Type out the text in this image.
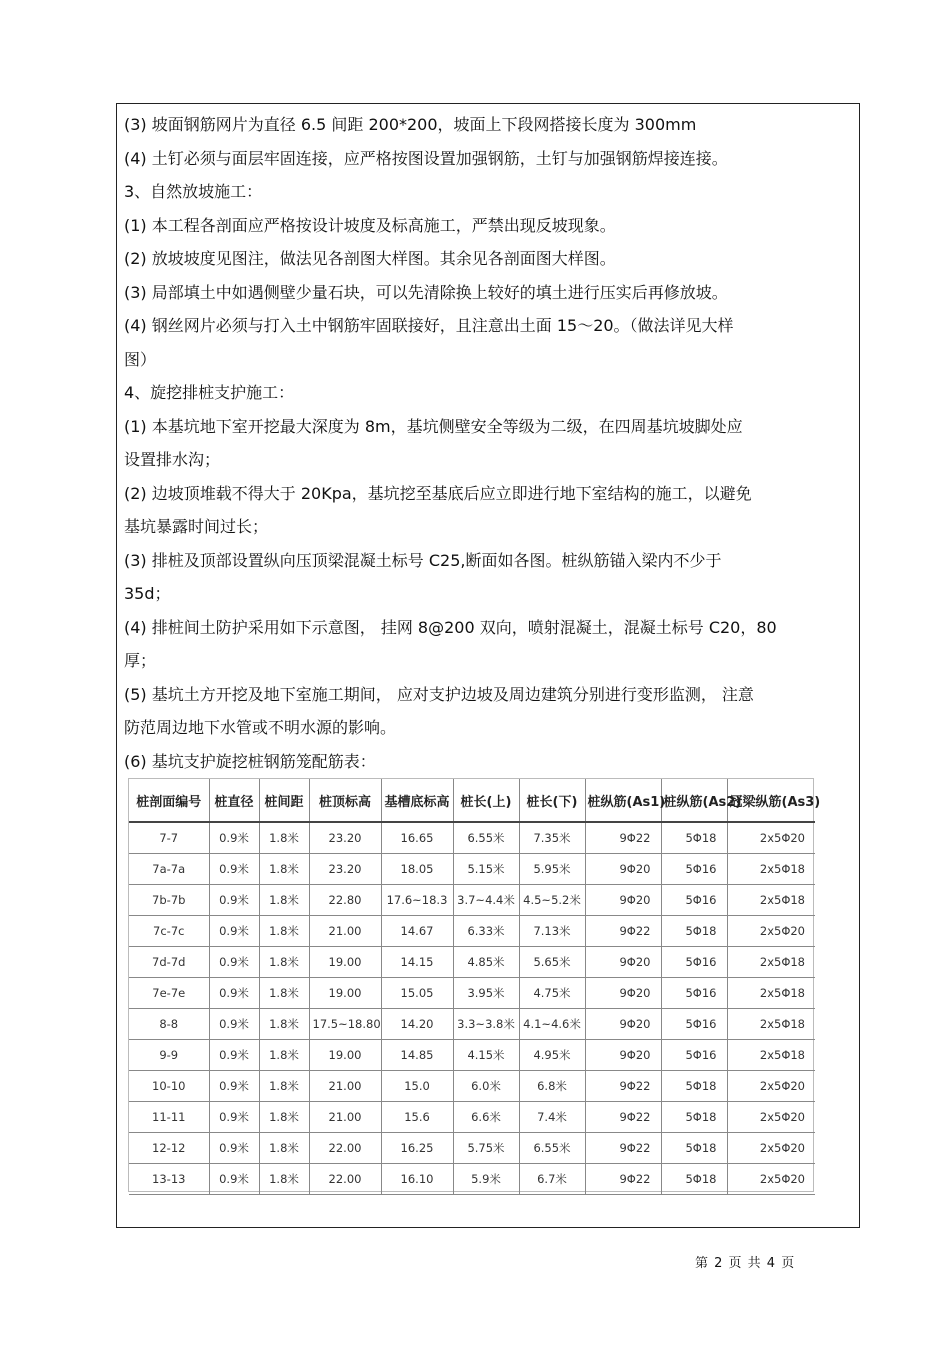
(3) 坡面钢筋网片为直径 6.5 间距 200*200，坡面上下段网搭接长度为 300mm
(4) 土钉必须与面层牢固连接，应严格按图设置加强钢筋，土钉与加强钢筋焊接连接。
3、自然放坡施工：
(1) 本工程各剖面应严格按设计坡度及标高施工，严禁出现反坡现象。
(2) 放坡坡度见图注，做法见各剖图大样图。其余见各剖面图大样图。
(3) 局部填土中如遇侧壁少量石块，可以先清除换上较好的填土进行压实后再修放坡。
(4) 钢丝网片必须与打入土中钢筋牢固联接好，且注意出土面 15～20。（做法详见大样
图）
4、旋挖排桩支护施工：
(1) 本基坑地下室开挖最大深度为 8m，基坑侧壁安全等级为二级，在四周基坑坡脚处应
设置排水沟；
(2) 边坡顶堆载不得大于 20Kpa，基坑挖至基底后应立即进行地下室结构的施工，以避免
基坑暴露时间过长；
(3) 排桩及顶部设置纵向压顶梁混凝土标号 C25,断面如各图。桩纵筋锚入梁内不少于
35d；
(4) 排桩间土防护采用如下示意图， 挂网 8@200 双向，喷射混凝土，混凝土标号 C20，80
厚；
(5) 基坑土方开挖及地下室施工期间， 应对支护边坡及周边建筑分别进行变形监测， 注意
防范周边地下水管或不明水源的影响。
(6) 基坑支护旋挖桩钢筋笼配筋表：
桩剖面编号	桩直径	桩间距	桩顶标高	基槽底标高	桩长(上)	桩长(下)	桩纵筋(As1)	桩纵筋(As2)	冠梁纵筋(As3)
7-7	0.9米	1.8米	23.20	16.65	6.55米	7.35米	9Φ22	5Φ18	2x5Φ20
7a-7a	0.9米	1.8米	23.20	18.05	5.15米	5.95米	9Φ20	5Φ16	2x5Φ18
7b-7b	0.9米	1.8米	22.80	17.6~18.3	3.7~4.4米	4.5~5.2米	9Φ20	5Φ16	2x5Φ18
7c-7c	0.9米	1.8米	21.00	14.67	6.33米	7.13米	9Φ22	5Φ18	2x5Φ20
7d-7d	0.9米	1.8米	19.00	14.15	4.85米	5.65米	9Φ20	5Φ16	2x5Φ18
7e-7e	0.9米	1.8米	19.00	15.05	3.95米	4.75米	9Φ20	5Φ16	2x5Φ18
8-8	0.9米	1.8米	17.5~18.80	14.20	3.3~3.8米	4.1~4.6米	9Φ20	5Φ16	2x5Φ18
9-9	0.9米	1.8米	19.00	14.85	4.15米	4.95米	9Φ20	5Φ16	2x5Φ18
10-10	0.9米	1.8米	21.00	15.0	6.0米	6.8米	9Φ22	5Φ18	2x5Φ20
11-11	0.9米	1.8米	21.00	15.6	6.6米	7.4米	9Φ22	5Φ18	2x5Φ20
12-12	0.9米	1.8米	22.00	16.25	5.75米	6.55米	9Φ22	5Φ18	2x5Φ20
13-13	0.9米	1.8米	22.00	16.10	5.9米	6.7米	9Φ22	5Φ18	2x5Φ20
第 2 页 共 4 页
